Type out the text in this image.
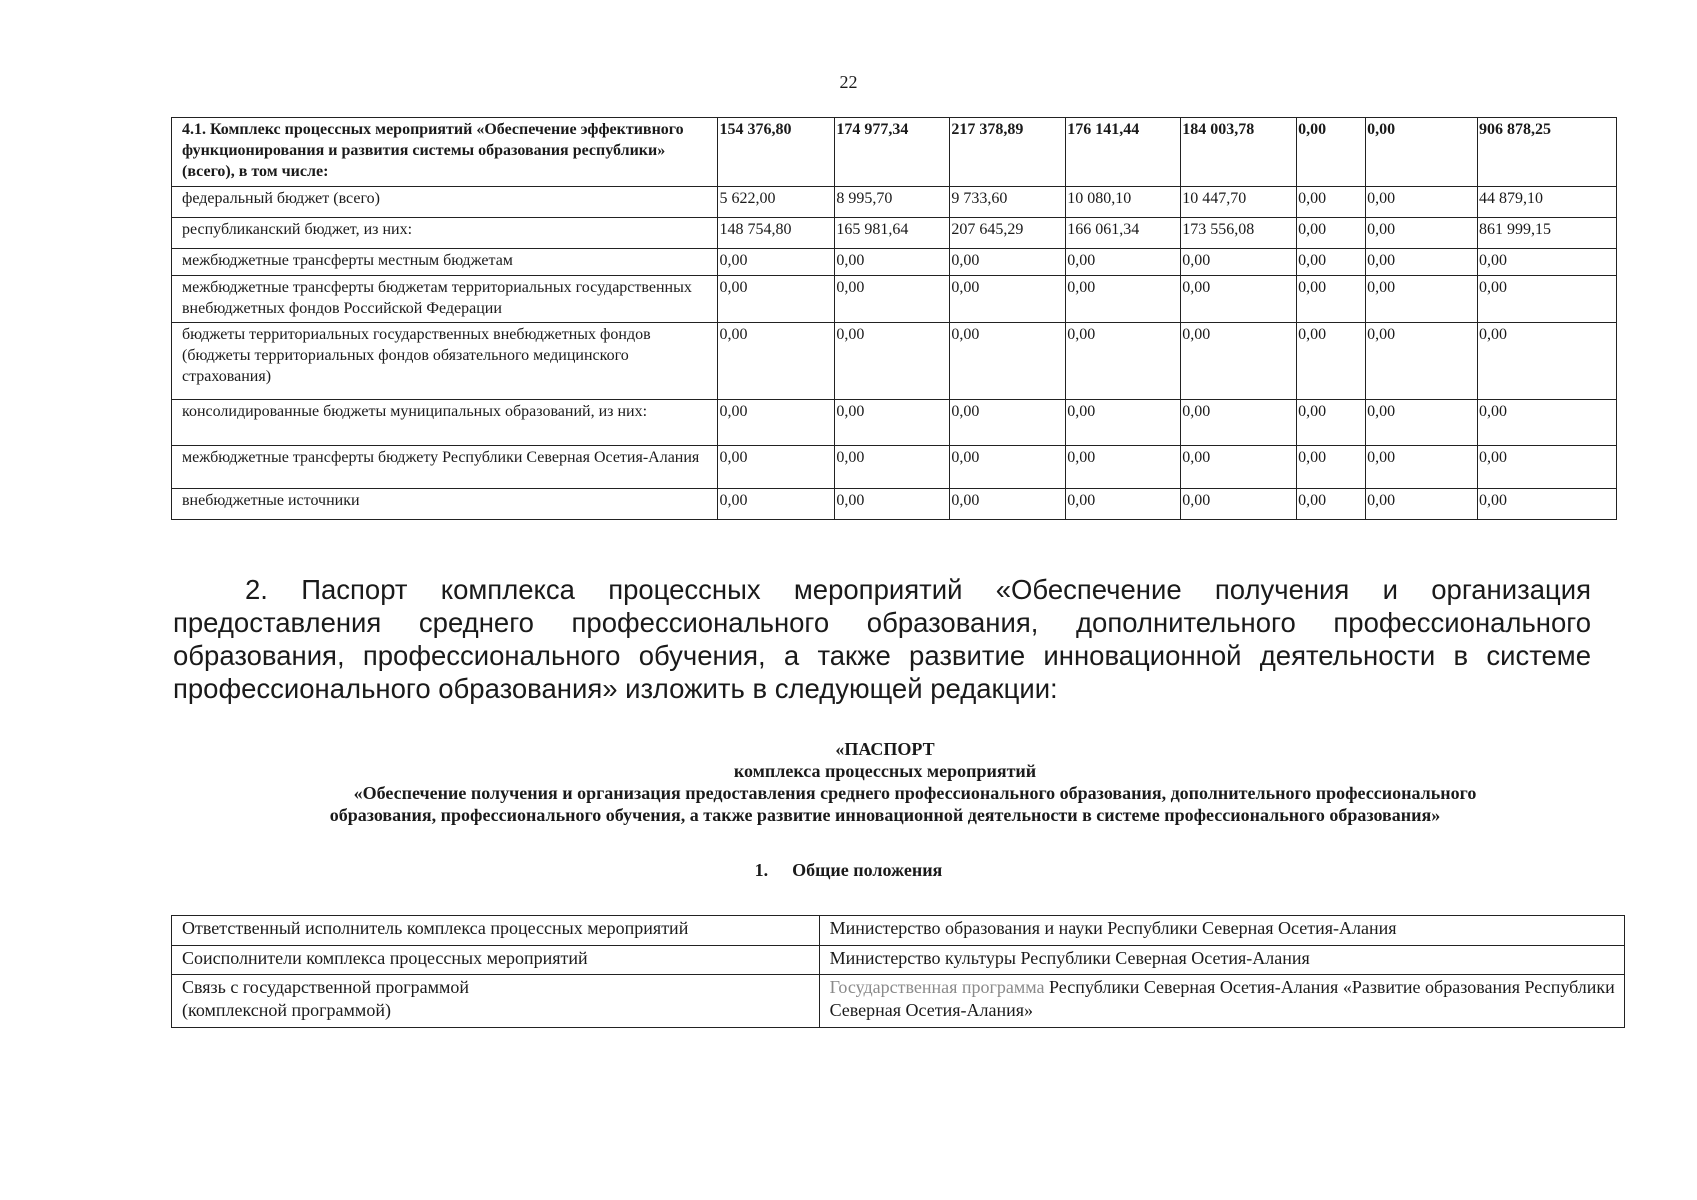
22
4.1. Комплекс процессных мероприятий «Обеспечение эффективного функционирования и развития системы образования республики» (всего), в том числе:	154 376,80	174 977,34	217 378,89	176 141,44	184 003,78	0,00	0,00	906 878,25
федеральный бюджет (всего)	5 622,00	8 995,70	9 733,60	10 080,10	10 447,70	0,00	0,00	44 879,10
республиканский бюджет, из них:	148 754,80	165 981,64	207 645,29	166 061,34	173 556,08	0,00	0,00	861 999,15
межбюджетные трансферты местным бюджетам	0,00	0,00	0,00	0,00	0,00	0,00	0,00	0,00
межбюджетные трансферты бюджетам территориальных государственных внебюджетных фондов Российской Федерации	0,00	0,00	0,00	0,00	0,00	0,00	0,00	0,00
бюджеты территориальных государственных внебюджетных фондов (бюджеты территориальных фондов обязательного медицинского страхования)	0,00	0,00	0,00	0,00	0,00	0,00	0,00	0,00
консолидированные бюджеты муниципальных образований, из них:	0,00	0,00	0,00	0,00	0,00	0,00	0,00	0,00
межбюджетные трансферты бюджету Республики Северная Осетия-Алания	0,00	0,00	0,00	0,00	0,00	0,00	0,00	0,00
внебюджетные источники	0,00	0,00	0,00	0,00	0,00	0,00	0,00	0,00

2. Паспорт комплекса процессных мероприятий «Обеспечение получения и организация предоставления среднего профессионального образования, дополнительного профессионального образования, профессионального обучения, а также развитие инновационной деятельности в системе профессионального образования» изложить в следующей редакции:

«ПАСПОРТ
комплекса процессных мероприятий
«Обеспечение получения и организация предоставления среднего профессионального образования, дополнительного профессионального
образования, профессионального обучения, а также развитие инновационной деятельности в системе профессионального образования»
1. Общие положения
Ответственный исполнитель комплекса процессных мероприятий	Министерство образования и науки Республики Северная Осетия-Алания
Соисполнители комплекса процессных мероприятий	Министерство культуры Республики Северная Осетия-Алания
Связь с государственной программой
(комплексной программой)	Государственная программа Республики Северная Осетия-Алания «Развитие образования Республики Северная Осетия-Алания»
